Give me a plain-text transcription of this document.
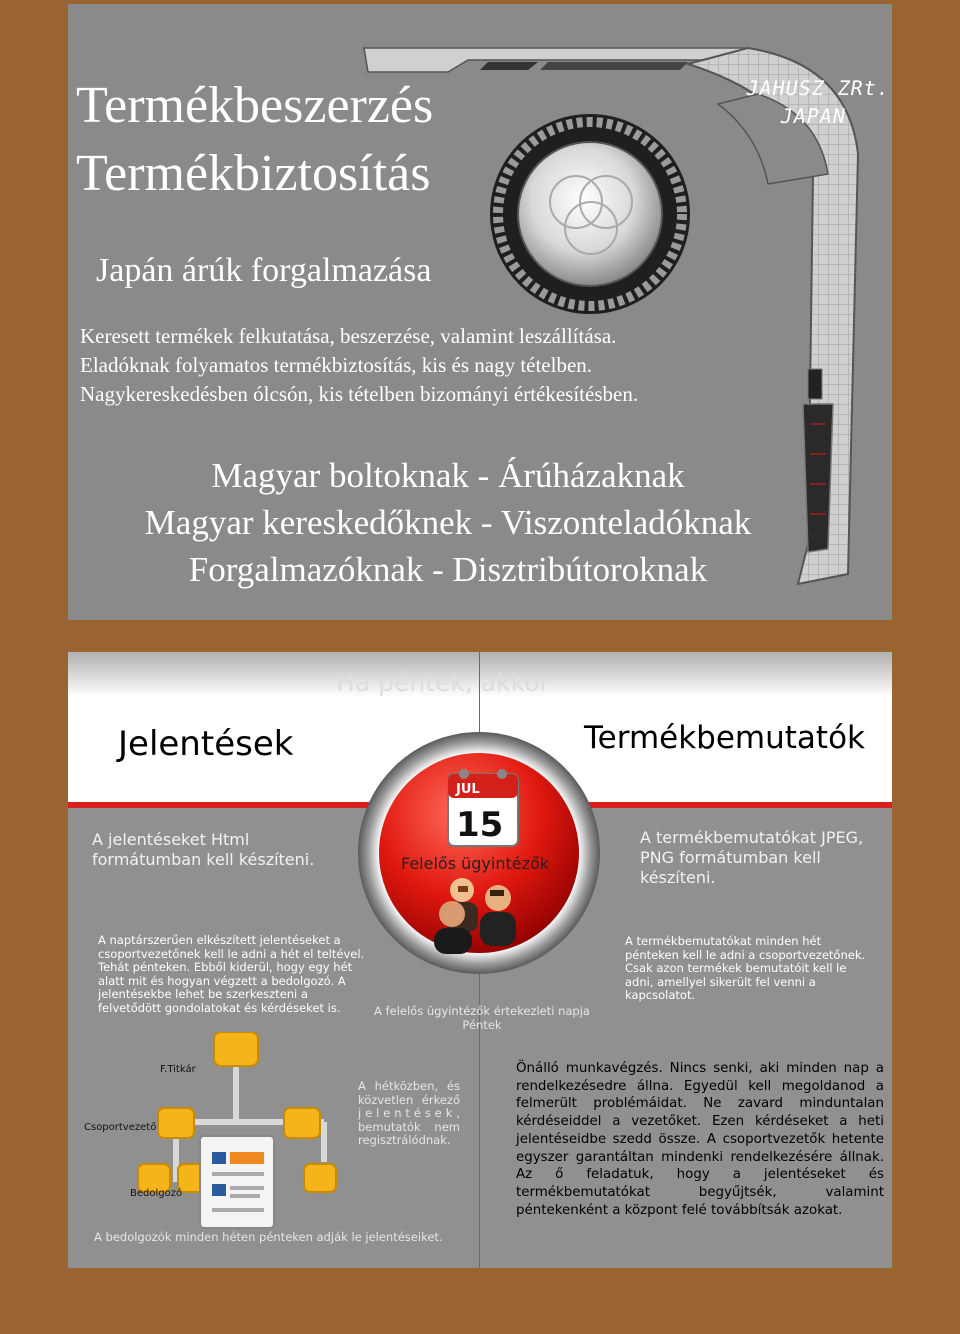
Termékbeszerzés
Termékbiztosítás
Japán árúk forgalmazása
Keresett termékek felkutatása, beszerzése, valamint leszállítása.
Eladóknak folyamatos termékbiztosítás, kis és nagy tételben.
Nagykereskedésben ólcsón, kis tételben bizományi értékesítésben.
Magyar boltoknak - Árúházaknak
Magyar kereskedőknek - Viszonteladóknak
Forgalmazóknak - Disztribútoroknak
JAHUSZ ZRt.
JAPAN
Ha péntek, akkor
Jelentések	Termékbemutatók
A jelentéseket Html formátumban kell készíteni.
A termékbemutatókat JPEG, PNG formátumban kell készíteni.
JUL
15
Felelős ügyintézők
A naptárszerűen elkészített jelentéseket a csoportvezetőnek kell le adni a hét el teltével. Tehát pénteken. Ebből kiderül, hogy egy hét alatt mit és hogyan végzett a bedolgozó. A jelentésekbe lehet be szerkeszteni a felvetődött gondolatokat és kérdéseket is.
A termékbemutatókat minden hét pénteken kell le adni a csoportvezetőnek. Csak azon termékek bemutatóit kell le adni, amellyel sikerült fel venni a kapcsolatot.
A felelős ügyintézők értekezleti napja
Péntek
F.Titkár
Csoportvezető
Bedolgozó
A hétközben, és közvetlen érkező j e l e n t é s e k , bemutatók nem regisztrálódnak.
A bedolgozók minden héten pénteken adják le jelentéseiket.
Önálló munkavégzés. Nincs senki, aki minden nap a rendelkezésedre állna. Egyedül kell megoldanod a felmerült problémáidat. Ne zavard minduntalan kérdéseiddel a vezetőket. Ezen kérdéseket a heti jelentéseidbe szedd össze. A csoportvezetők hetente egyszer garantáltan mindenki rendelkezésére állnak. Az ő feladatuk, hogy a jelentéseket és termékbemutatókat begyűjtsék, valamint péntekenként a központ felé továbbítsák azokat.
